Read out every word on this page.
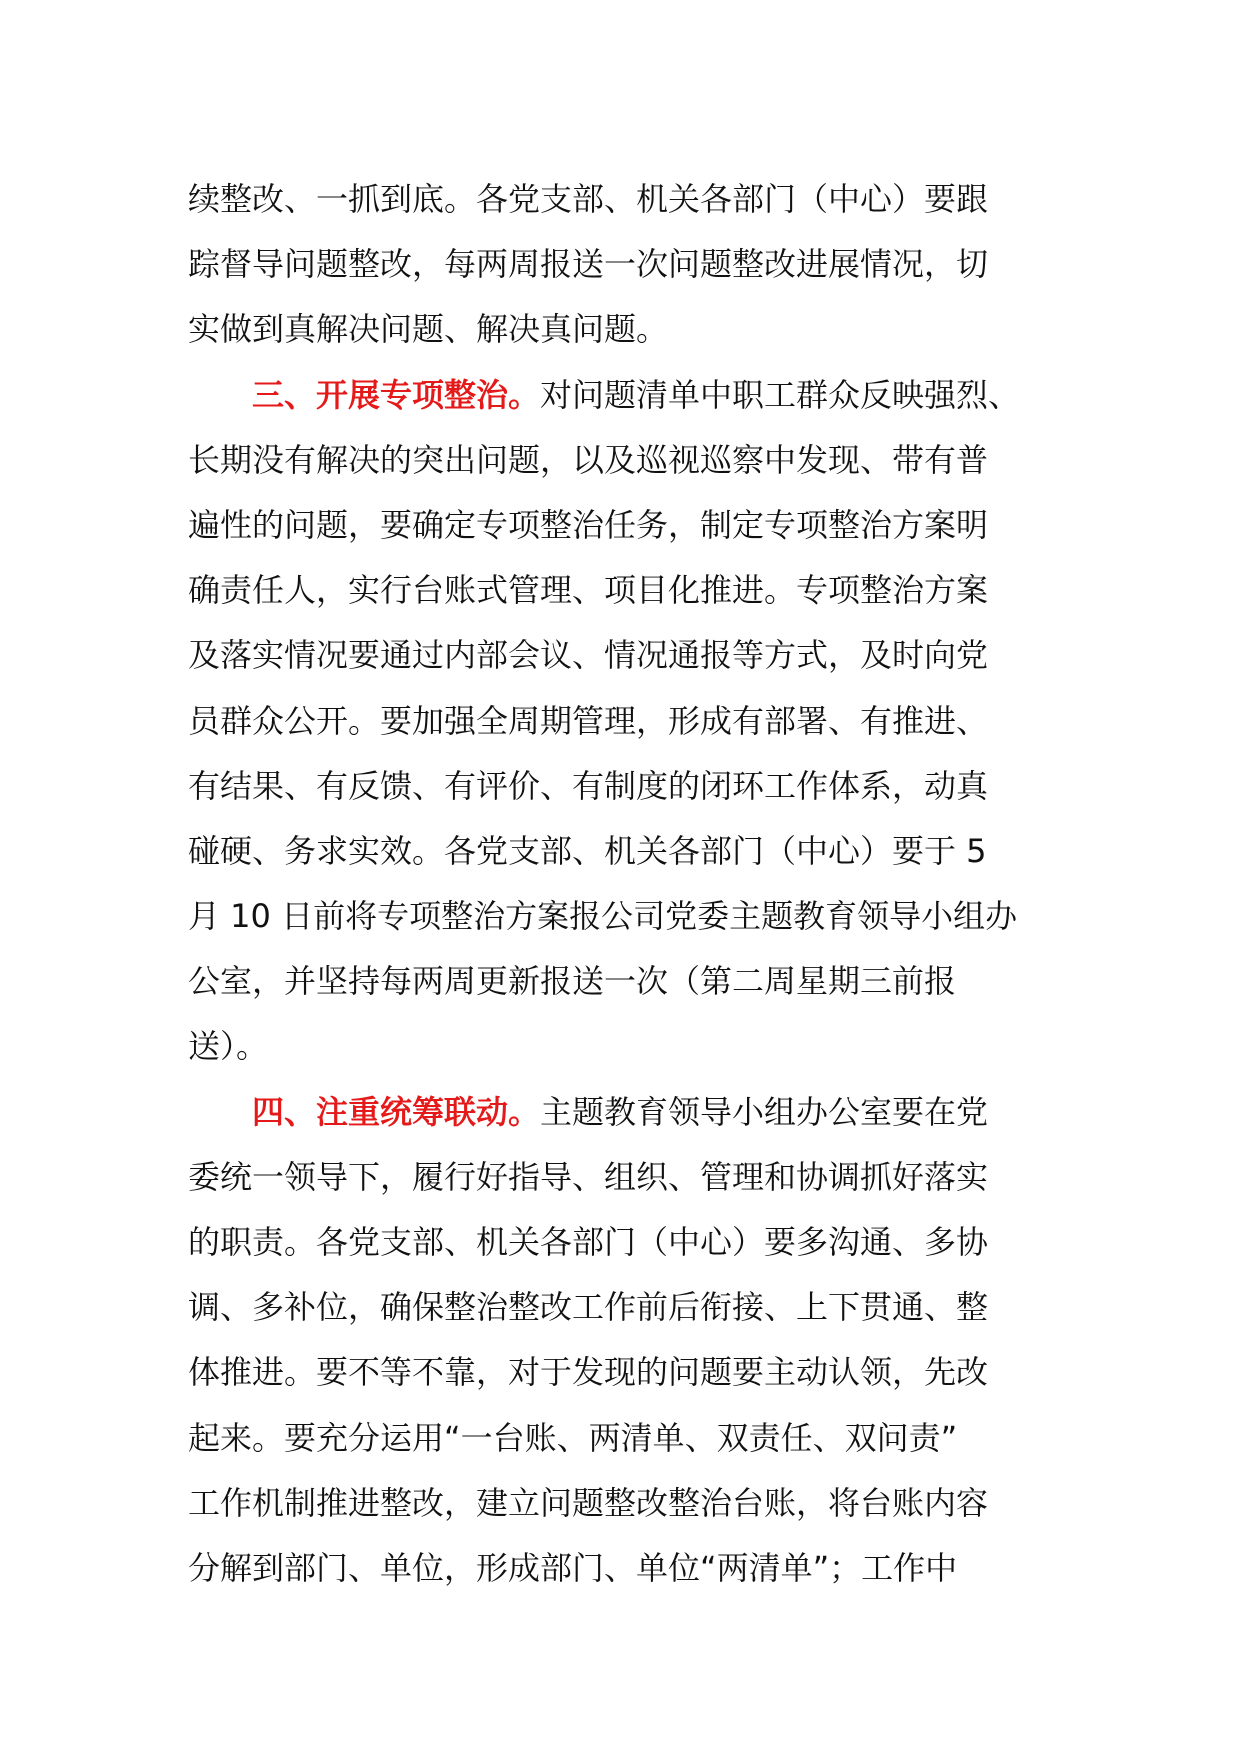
续整改、一抓到底。各党支部、机关各部门（中心）要跟
踪督导问题整改，每两周报送一次问题整改进展情况，切
实做到真解决问题、解决真问题。
三、开展专项整治。对问题清单中职工群众反映强烈、
长期没有解决的突出问题，以及巡视巡察中发现、带有普
遍性的问题，要确定专项整治任务，制定专项整治方案明
确责任人，实行台账式管理、项目化推进。专项整治方案
及落实情况要通过内部会议、情况通报等方式，及时向党
员群众公开。要加强全周期管理，形成有部署、有推进、
有结果、有反馈、有评价、有制度的闭环工作体系，动真
碰硬、务求实效。各党支部、机关各部门（中心）要于 5
月 10 日前将专项整治方案报公司党委主题教育领导小组办
公室，并坚持每两周更新报送一次（第二周星期三前报
送）。
四、注重统筹联动。主题教育领导小组办公室要在党
委统一领导下，履行好指导、组织、管理和协调抓好落实
的职责。各党支部、机关各部门（中心）要多沟通、多协
调、多补位，确保整治整改工作前后衔接、上下贯通、整
体推进。要不等不靠，对于发现的问题要主动认领，先改
起来。要充分运用“一台账、两清单、双责任、双问责”
工作机制推进整改，建立问题整改整治台账，将台账内容
分解到部门、单位，形成部门、单位“两清单”；工作中
